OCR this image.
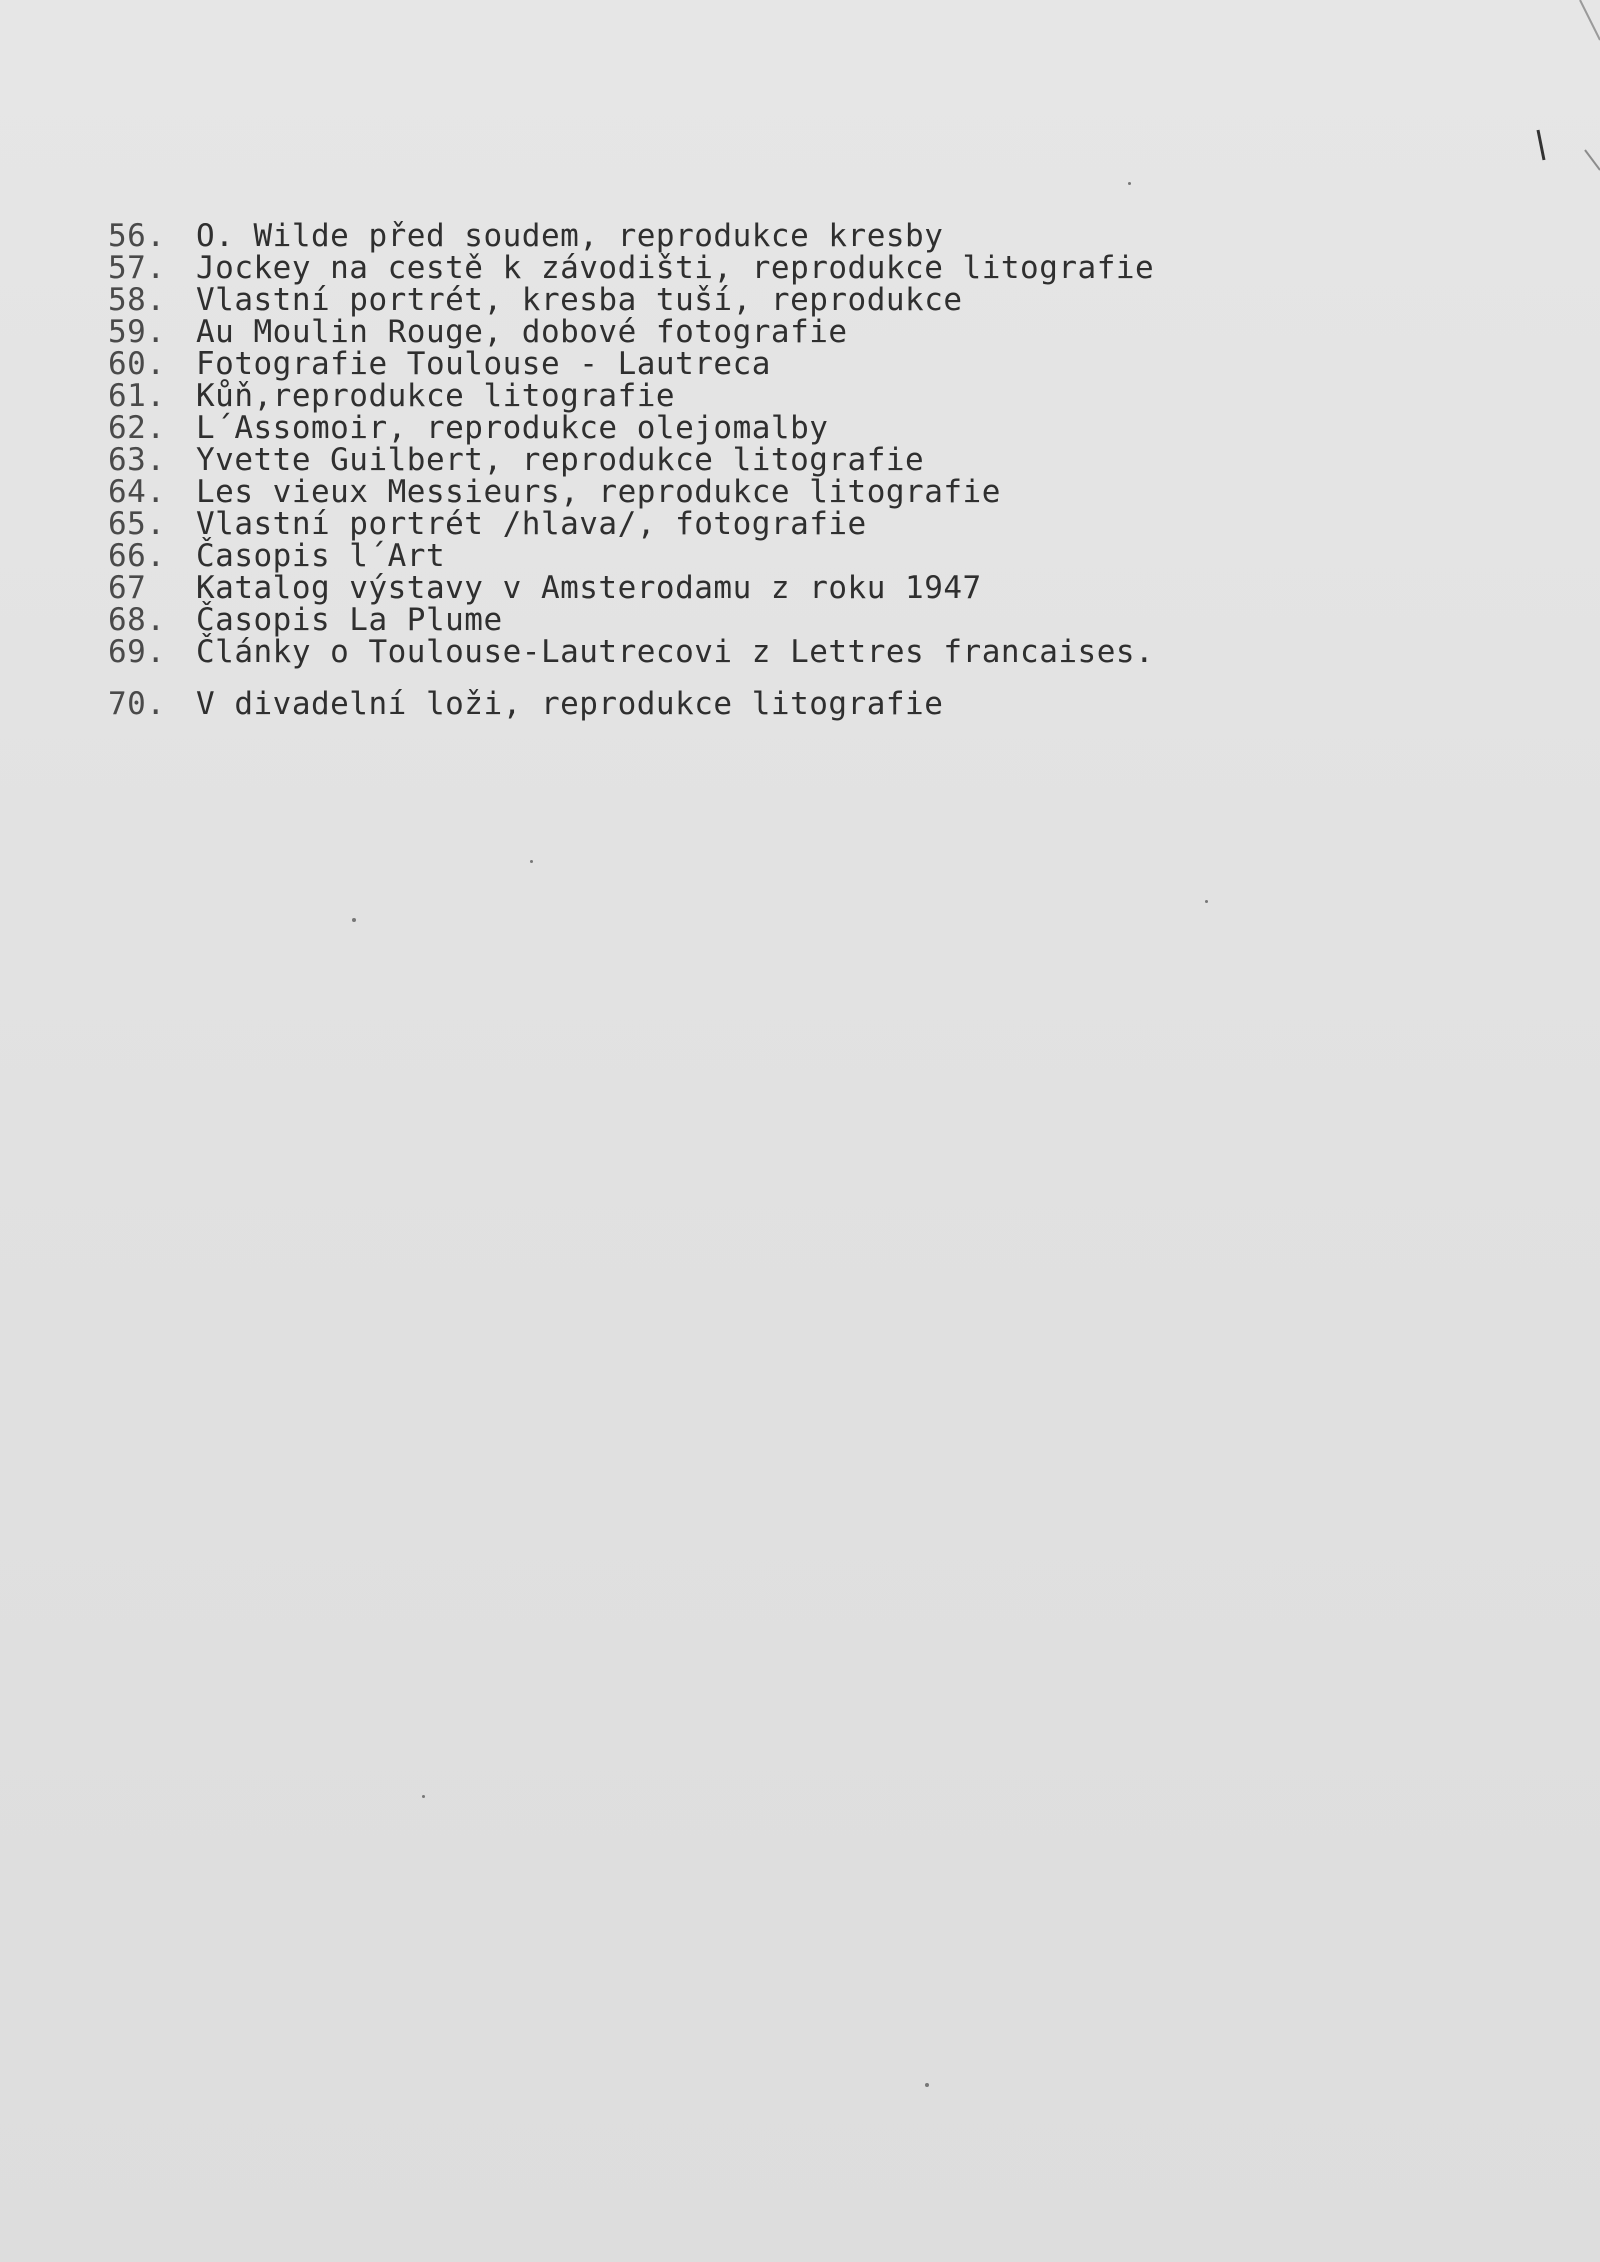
56. O. Wilde před soudem, reprodukce kresby
57. Jockey na cestě k závodišti, reprodukce litografie
58. Vlastní portrét, kresba tuší, reprodukce
59. Au Moulin Rouge, dobové fotografie
60. Fotografie Toulouse - Lautreca
61. Kůň,reprodukce litografie
62. L´Assomoir, reprodukce olejomalby
63. Yvette Guilbert, reprodukce litografie
64. Les vieux Messieurs, reprodukce litografie
65. Vlastní portrét /hlava/, fotografie
66. Časopis l´Art
67	Katalog výstavy v Amsterodamu z roku 1947
68. Časopis La Plume
69. Články o Toulouse-Lautrecovi z Lettres francaises.
70. V divadelní loži, reprodukce litografie
